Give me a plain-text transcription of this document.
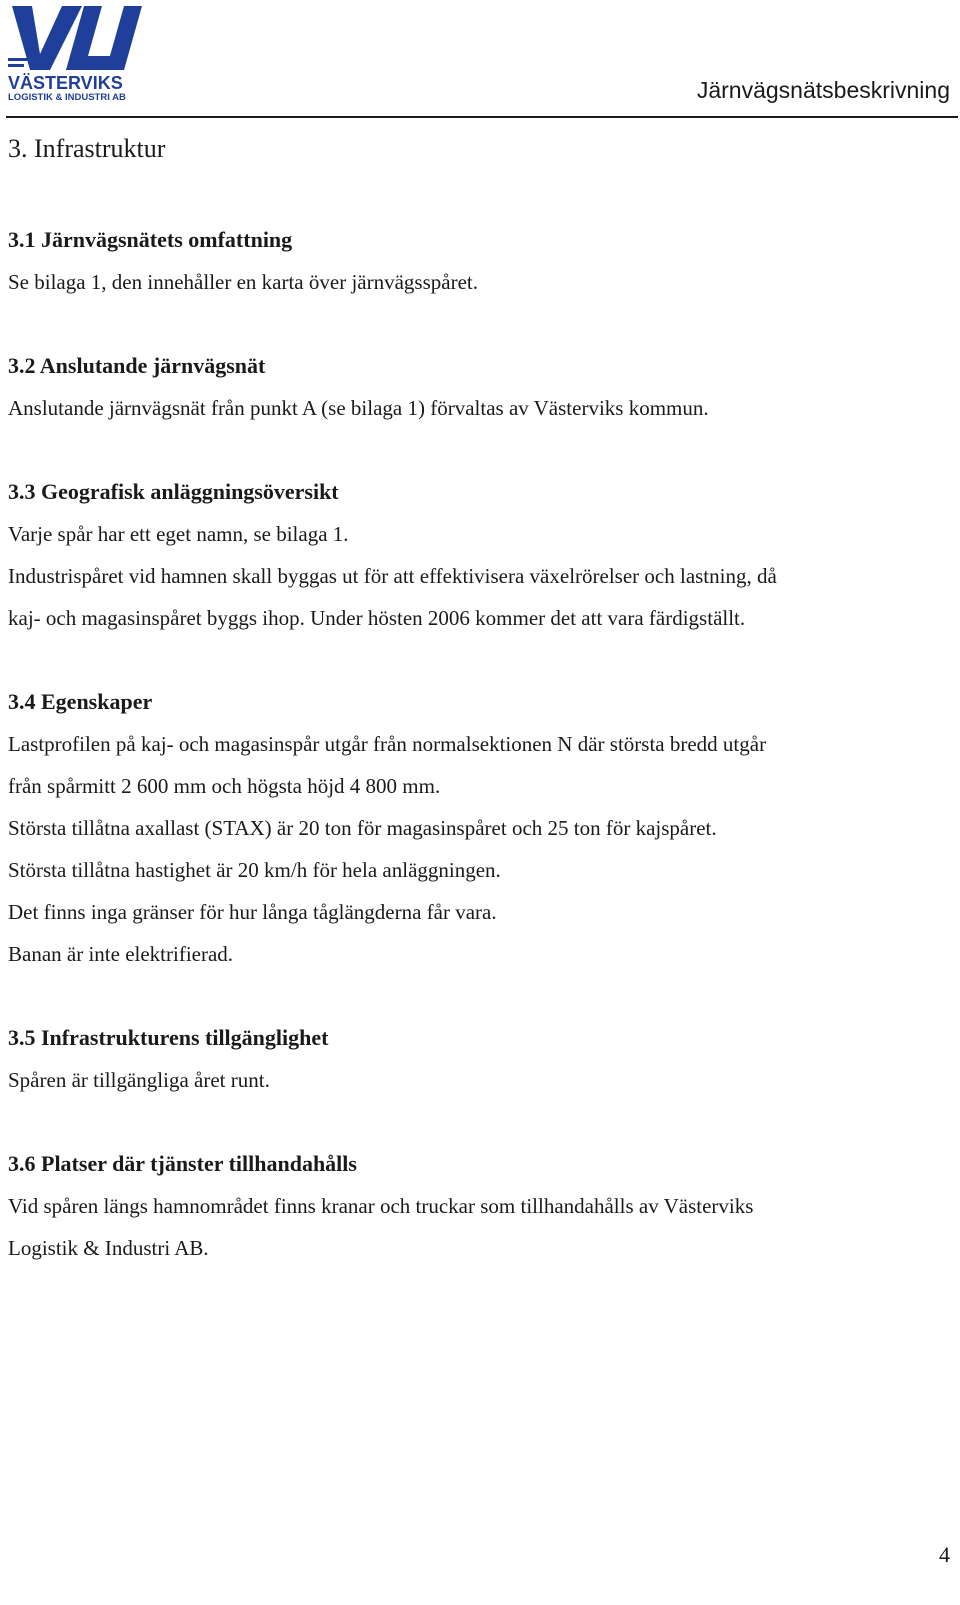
VÄSTERVIKS
LOGISTIK & INDUSTRI AB	Järnvägsnätsbeskrivning
3. Infrastruktur
3.1 Järnvägsnätets omfattning

Se bilaga 1, den innehåller en karta över järnvägsspåret.

3.2 Anslutande järnvägsnät

Anslutande järnvägsnät från punkt A (se bilaga 1) förvaltas av Västerviks kommun.

3.3 Geografisk anläggningsöversikt

Varje spår har ett eget namn, se bilaga 1.

Industrispåret vid hamnen skall byggas ut för att effektivisera växelrörelser och lastning, då

kaj- och magasinspåret byggs ihop. Under hösten 2006 kommer det att vara färdigställt.

3.4 Egenskaper

Lastprofilen på kaj- och magasinspår utgår från normalsektionen N där största bredd utgår

från spårmitt 2 600 mm och högsta höjd 4 800 mm.

Största tillåtna axallast (STAX) är 20 ton för magasinspåret och 25 ton för kajspåret.

Största tillåtna hastighet är 20 km/h för hela anläggningen.

Det finns inga gränser för hur långa tåglängderna får vara.

Banan är inte elektrifierad.

3.5 Infrastrukturens tillgänglighet

Spåren är tillgängliga året runt.

3.6 Platser där tjänster tillhandahålls

Vid spåren längs hamnområdet finns kranar och truckar som tillhandahålls av Västerviks

Logistik & Industri AB.

4
